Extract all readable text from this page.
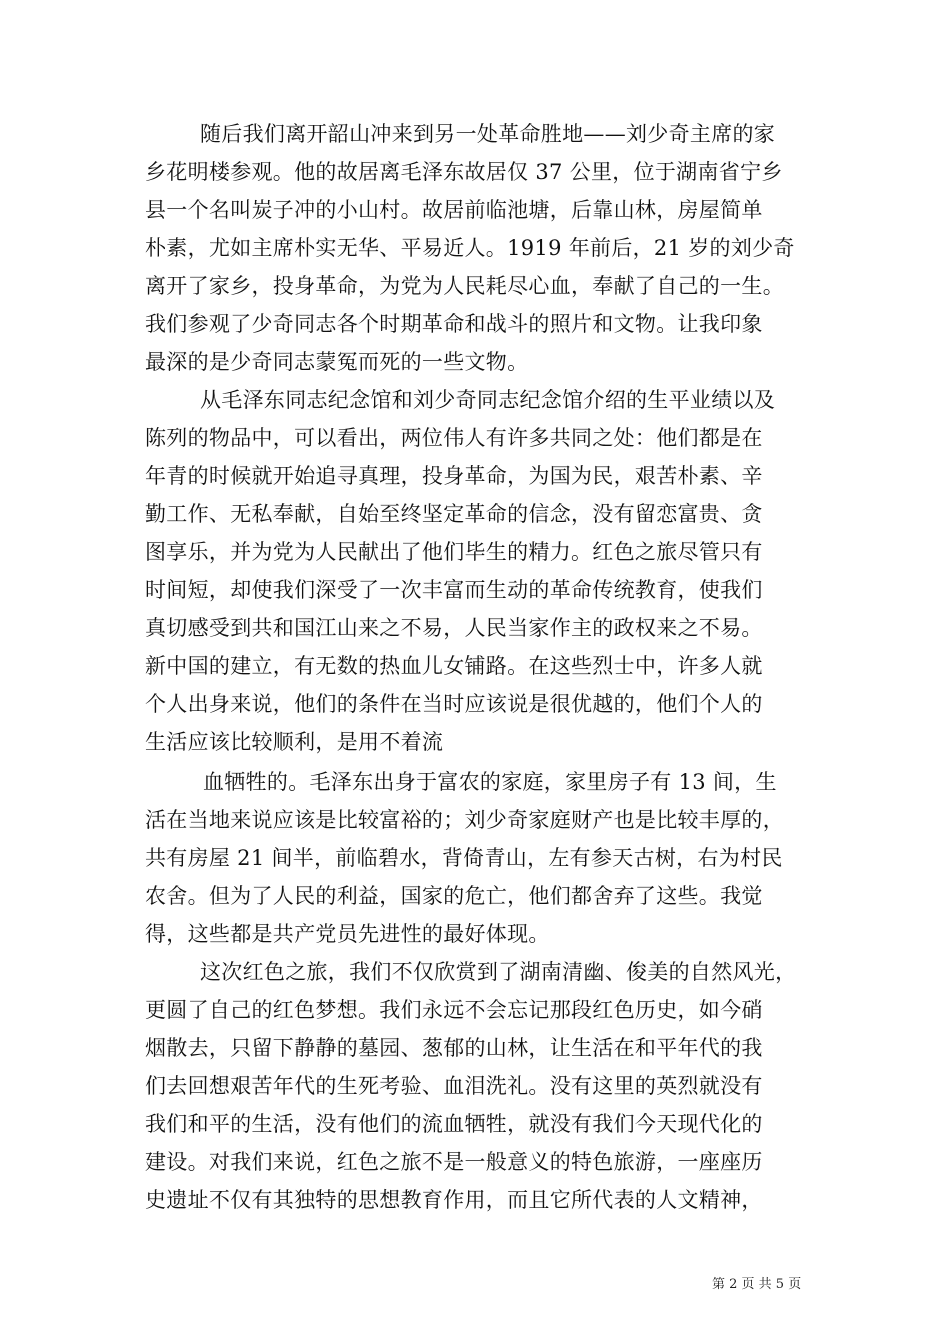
随后我们离开韶山冲来到另一处革命胜地——刘少奇主席的家
乡花明楼参观。他的故居离毛泽东故居仅 37 公里，位于湖南省宁乡
县一个名叫炭子冲的小山村。故居前临池塘，后靠山林，房屋简单
朴素，尤如主席朴实无华、平易近人。1919 年前后，21 岁的刘少奇
离开了家乡，投身革命，为党为人民耗尽心血，奉献了自己的一生。
我们参观了少奇同志各个时期革命和战斗的照片和文物。让我印象
最深的是少奇同志蒙冤而死的一些文物。
从毛泽东同志纪念馆和刘少奇同志纪念馆介绍的生平业绩以及
陈列的物品中，可以看出，两位伟人有许多共同之处：他们都是在
年青的时候就开始追寻真理，投身革命，为国为民，艰苦朴素、辛
勤工作、无私奉献，自始至终坚定革命的信念，没有留恋富贵、贪
图享乐，并为党为人民献出了他们毕生的精力。红色之旅尽管只有
时间短，却使我们深受了一次丰富而生动的革命传统教育，使我们
真切感受到共和国江山来之不易，人民当家作主的政权来之不易。
新中国的建立，有无数的热血儿女铺路。在这些烈士中，许多人就
个人出身来说，他们的条件在当时应该说是很优越的，他们个人的
生活应该比较顺利，是用不着流
血牺牲的。毛泽东出身于富农的家庭，家里房子有 13 间，生
活在当地来说应该是比较富裕的；刘少奇家庭财产也是比较丰厚的，
共有房屋 21 间半，前临碧水，背倚青山，左有参天古树，右为村民
农舍。但为了人民的利益，国家的危亡，他们都舍弃了这些。我觉
得，这些都是共产党员先进性的最好体现。
这次红色之旅，我们不仅欣赏到了湖南清幽、俊美的自然风光，
更圆了自己的红色梦想。我们永远不会忘记那段红色历史，如今硝
烟散去，只留下静静的墓园、葱郁的山林，让生活在和平年代的我
们去回想艰苦年代的生死考验、血泪洗礼。没有这里的英烈就没有
我们和平的生活，没有他们的流血牺牲，就没有我们今天现代化的
建设。对我们来说，红色之旅不是一般意义的特色旅游，一座座历
史遗址不仅有其独特的思想教育作用，而且它所代表的人文精神，
第 2 页 共 5 页
